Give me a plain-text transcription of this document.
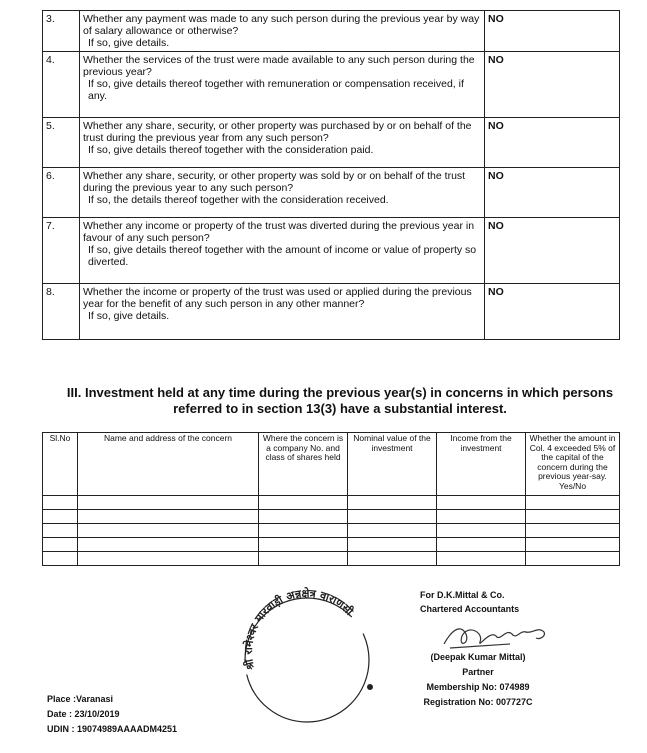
3.	Whether any payment was made to any such person during the previous year by way of salary allowance or otherwise?
If so, give details.	NO
4.	Whether the services of the trust were made available to any such person during the previous year?
If so, give details thereof together with remuneration or compensation received, if any.	NO
5.	Whether any share, security, or other property was purchased by or on behalf of the trust during the previous year from any such person?
If so, give details thereof together with the consideration paid.	NO
6.	Whether any share, security, or other property was sold by or on behalf of the trust during the previous year to any such person?
If so, the details thereof together with the consideration received.	NO
7.	Whether any income or property of the trust was diverted during the previous year in favour of any such person?
If so, give details thereof together with the amount of income or value of property so diverted.	NO
8.	Whether the income or property of the trust was used or applied during the previous year for the benefit of any such person in any other manner?
If so, give details.	NO
III. Investment held at any time during the previous year(s) in concerns in which persons referred to in section 13(3) have a substantial interest.
Sl.No	Name and address of the concern	Where the concern is a company No. and class of shares held	Nominal value of the investment	Income from the investment	Whether the amount in Col. 4 exceeded 5% of the capital of the concern during the previous year-say. Yes/No

श्री रामेश्वर मारवाड़ी अन्नक्षेत्र वाराणसी
For D.K.Mittal & Co.
Chartered Accountants
(Deepak Kumar Mittal)
Partner
Membership No: 074989
Registration No: 007727C
Place :Varanasi
Date : 23/10/2019
UDIN : 19074989AAAADM4251
